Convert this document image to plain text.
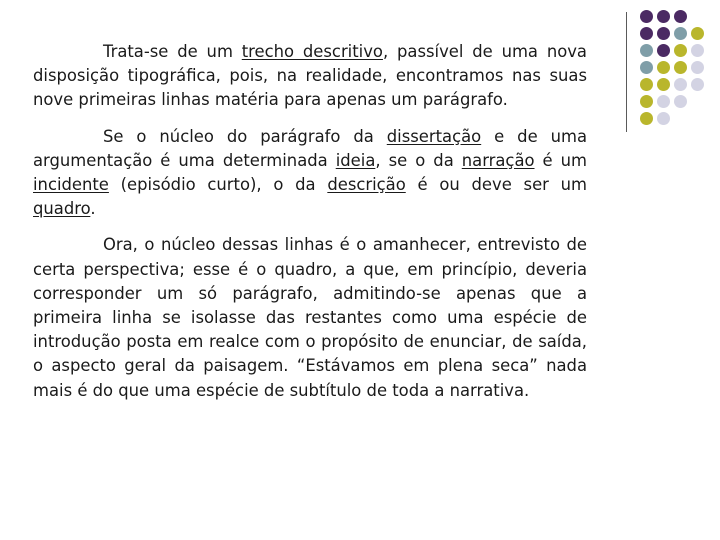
Trata-se de um trecho descritivo, passível de uma nova disposição tipográfica, pois, na realidade, encontramos nas suas nove primeiras linhas matéria para apenas um parágrafo.

Se o núcleo do parágrafo da dissertação e de uma argumentação é uma determinada ideia, se o da narração é um incidente (episódio curto), o da descrição é ou deve ser um quadro.

Ora, o núcleo dessas linhas é o amanhecer, entrevisto de certa perspectiva; esse é o quadro, a que, em princípio, deveria corresponder um só parágrafo, admitindo-se apenas que a primeira linha se isolasse das restantes como uma espécie de introdução posta em realce com o propósito de enunciar, de saída, o aspecto geral da paisagem. “Estávamos em plena seca” nada mais é do que uma espécie de subtítulo de toda a narrativa.
